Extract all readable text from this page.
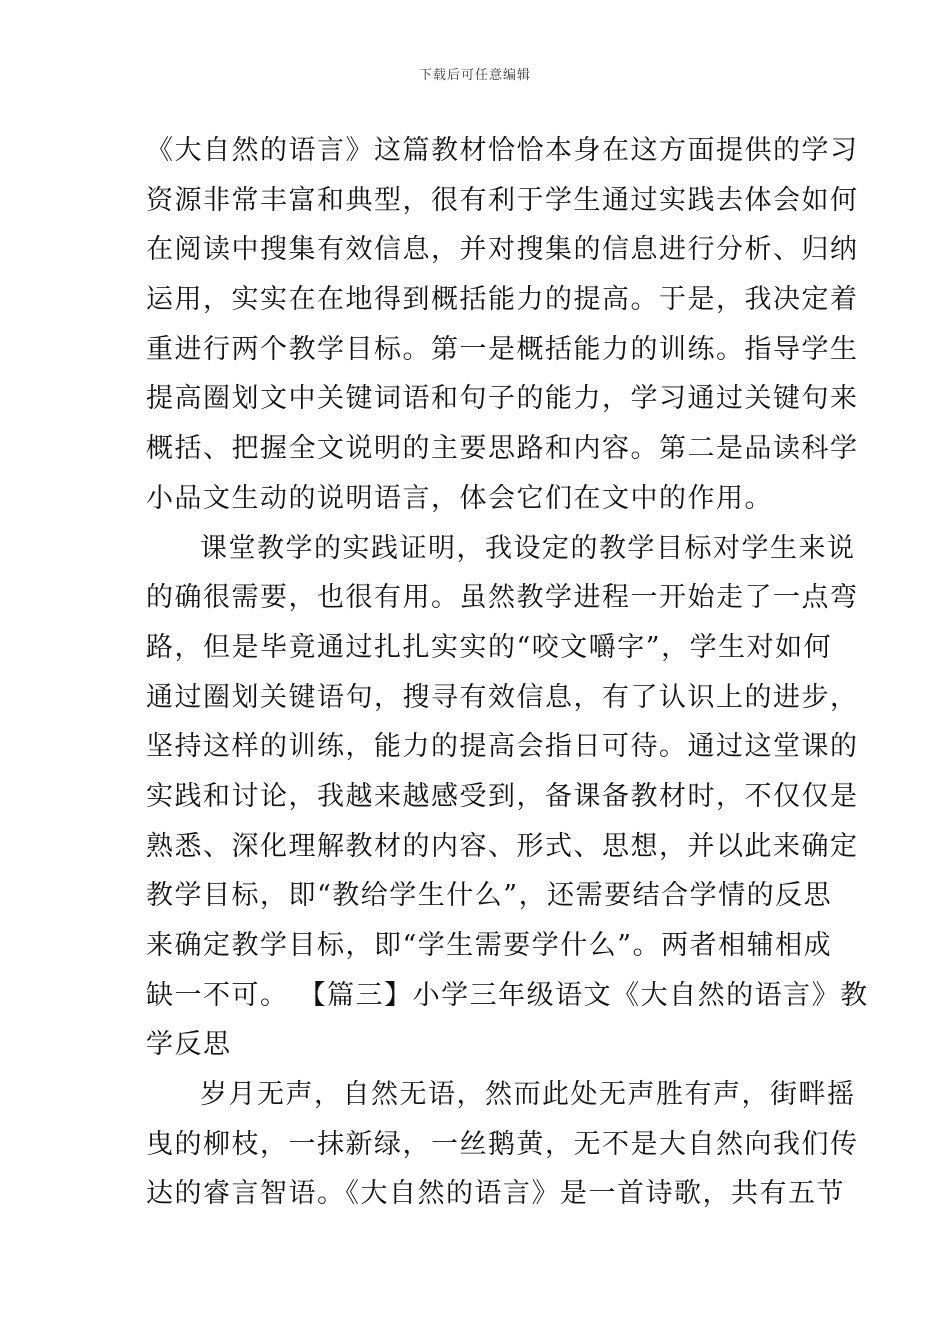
下载后可任意编辑
《大自然的语言》这篇教材恰恰本身在这方面提供的学习
资源非常丰富和典型，很有利于学生通过实践去体会如何
在阅读中搜集有效信息，并对搜集的信息进行分析、归纳
运用，实实在在地得到概括能力的提高。于是，我决定着
重进行两个教学目标。第一是概括能力的训练。指导学生
提高圈划文中关键词语和句子的能力，学习通过关键句来
概括、把握全文说明的主要思路和内容。第二是品读科学
小品文生动的说明语言，体会它们在文中的作用。
课堂教学的实践证明，我设定的教学目标对学生来说
的确很需要，也很有用。虽然教学进程一开始走了一点弯
路，但是毕竟通过扎扎实实的“咬文嚼字”，学生对如何
通过圈划关键语句，搜寻有效信息，有了认识上的进步，
坚持这样的训练，能力的提高会指日可待。通过这堂课的
实践和讨论，我越来越感受到，备课备教材时，不仅仅是
熟悉、深化理解教材的内容、形式、思想，并以此来确定
教学目标，即“教给学生什么”，还需要结合学情的反思
来确定教学目标，即“学生需要学什么”。两者相辅相成
缺一不可。 【篇三】小学三年级语文《大自然的语言》教
学反思
岁月无声，自然无语，然而此处无声胜有声，街畔摇
曳的柳枝，一抹新绿，一丝鹅黄，无不是大自然向我们传
达的睿言智语。《大自然的语言》是一首诗歌，共有五节
